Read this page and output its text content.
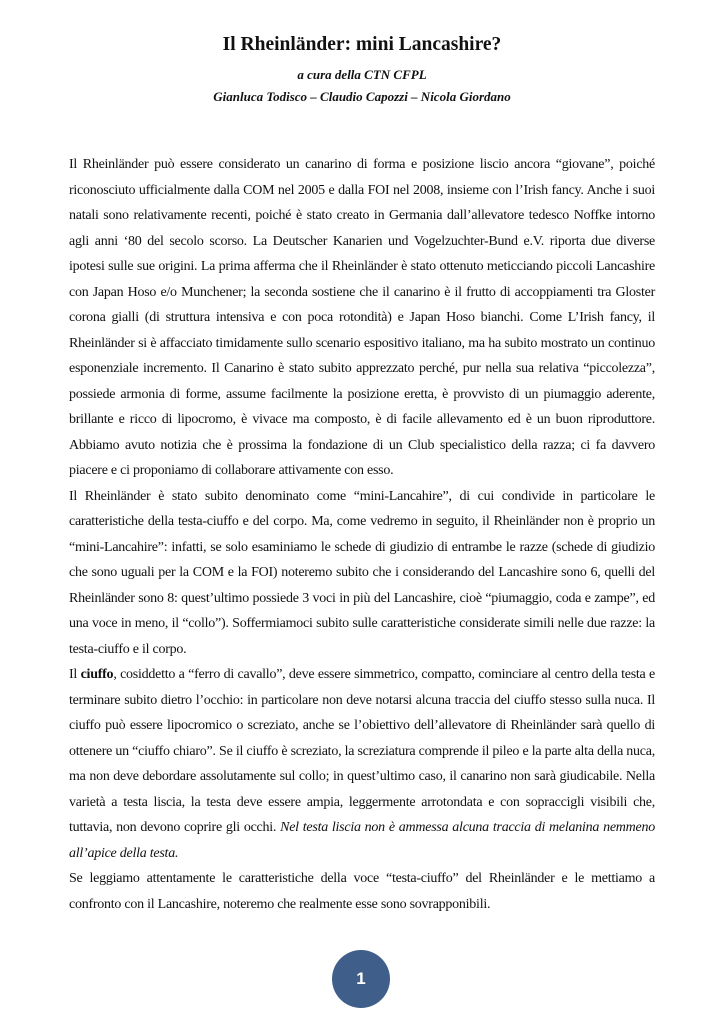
Il Rheinländer: mini Lancashire?
a cura della CTN CFPL
Gianluca Todisco – Claudio Capozzi – Nicola Giordano

Il Rheinländer può essere considerato un canarino di forma e posizione liscio ancora “giovane”, poiché riconosciuto ufficialmente dalla COM nel 2005 e dalla FOI nel 2008, insieme con l’Irish fancy. Anche i suoi natali sono relativamente recenti, poiché è stato creato in Germania dall’allevatore tedesco Noffke intorno agli anni ‘80 del secolo scorso. La Deutscher Kanarien und Vogelzuchter-Bund e.V. riporta due diverse ipotesi sulle sue origini. La prima afferma che il Rheinländer è stato ottenuto meticciando piccoli Lancashire con Japan Hoso e/o Munchener; la seconda sostiene che il canarino è il frutto di accoppiamenti tra Gloster corona gialli (di struttura intensiva e con poca rotondità) e Japan Hoso bianchi. Come L’Irish fancy, il Rheinländer si è affacciato timidamente sullo scenario espositivo italiano, ma ha subito mostrato un continuo esponenziale incremento. Il Canarino è stato subito apprezzato perché, pur nella sua relativa “piccolezza”, possiede armonia di forme, assume facilmente la posizione eretta, è provvisto di un piumaggio aderente, brillante e ricco di lipocromo, è vivace ma composto, è di facile allevamento ed è un buon riproduttore. Abbiamo avuto notizia che è prossima la fondazione di un Club specialistico della razza; ci fa davvero piacere e ci proponiamo di collaborare attivamente con esso.

Il Rheinländer è stato subito denominato come “mini-Lancahire”, di cui condivide in particolare le caratteristiche della testa-ciuffo e del corpo. Ma, come vedremo in seguito, il Rheinländer non è proprio un “mini-Lancahire”: infatti, se solo esaminiamo le schede di giudizio di entrambe le razze (schede di giudizio che sono uguali per la COM e la FOI) noteremo subito che i considerando del Lancashire sono 6, quelli del Rheinländer sono 8: quest’ultimo possiede 3 voci in più del Lancashire, cioè “piumaggio, coda e zampe”, ed una voce in meno, il “collo”). Soffermiamoci subito sulle caratteristiche considerate simili nelle due razze: la testa-ciuffo e il corpo.

Il ciuffo, cosiddetto a “ferro di cavallo”, deve essere simmetrico, compatto, cominciare al centro della testa e terminare subito dietro l’occhio: in particolare non deve notarsi alcuna traccia del ciuffo stesso sulla nuca. Il ciuffo può essere lipocromico o screziato, anche se l’obiettivo dell’allevatore di Rheinländer sarà quello di ottenere un “ciuffo chiaro”. Se il ciuffo è screziato, la screziatura comprende il pileo e la parte alta della nuca, ma non deve debordare assolutamente sul collo; in quest’ultimo caso, il canarino non sarà giudicabile. Nella varietà a testa liscia, la testa deve essere ampia, leggermente arrotondata e con sopraccigli visibili che, tuttavia, non devono coprire gli occhi. Nel testa liscia non è ammessa alcuna traccia di melanina nemmeno all’apice della testa.

Se leggiamo attentamente le caratteristiche della voce “testa-ciuffo” del Rheinländer e le mettiamo a confronto con il Lancashire, noteremo che realmente esse sono sovrapponibili.

1
